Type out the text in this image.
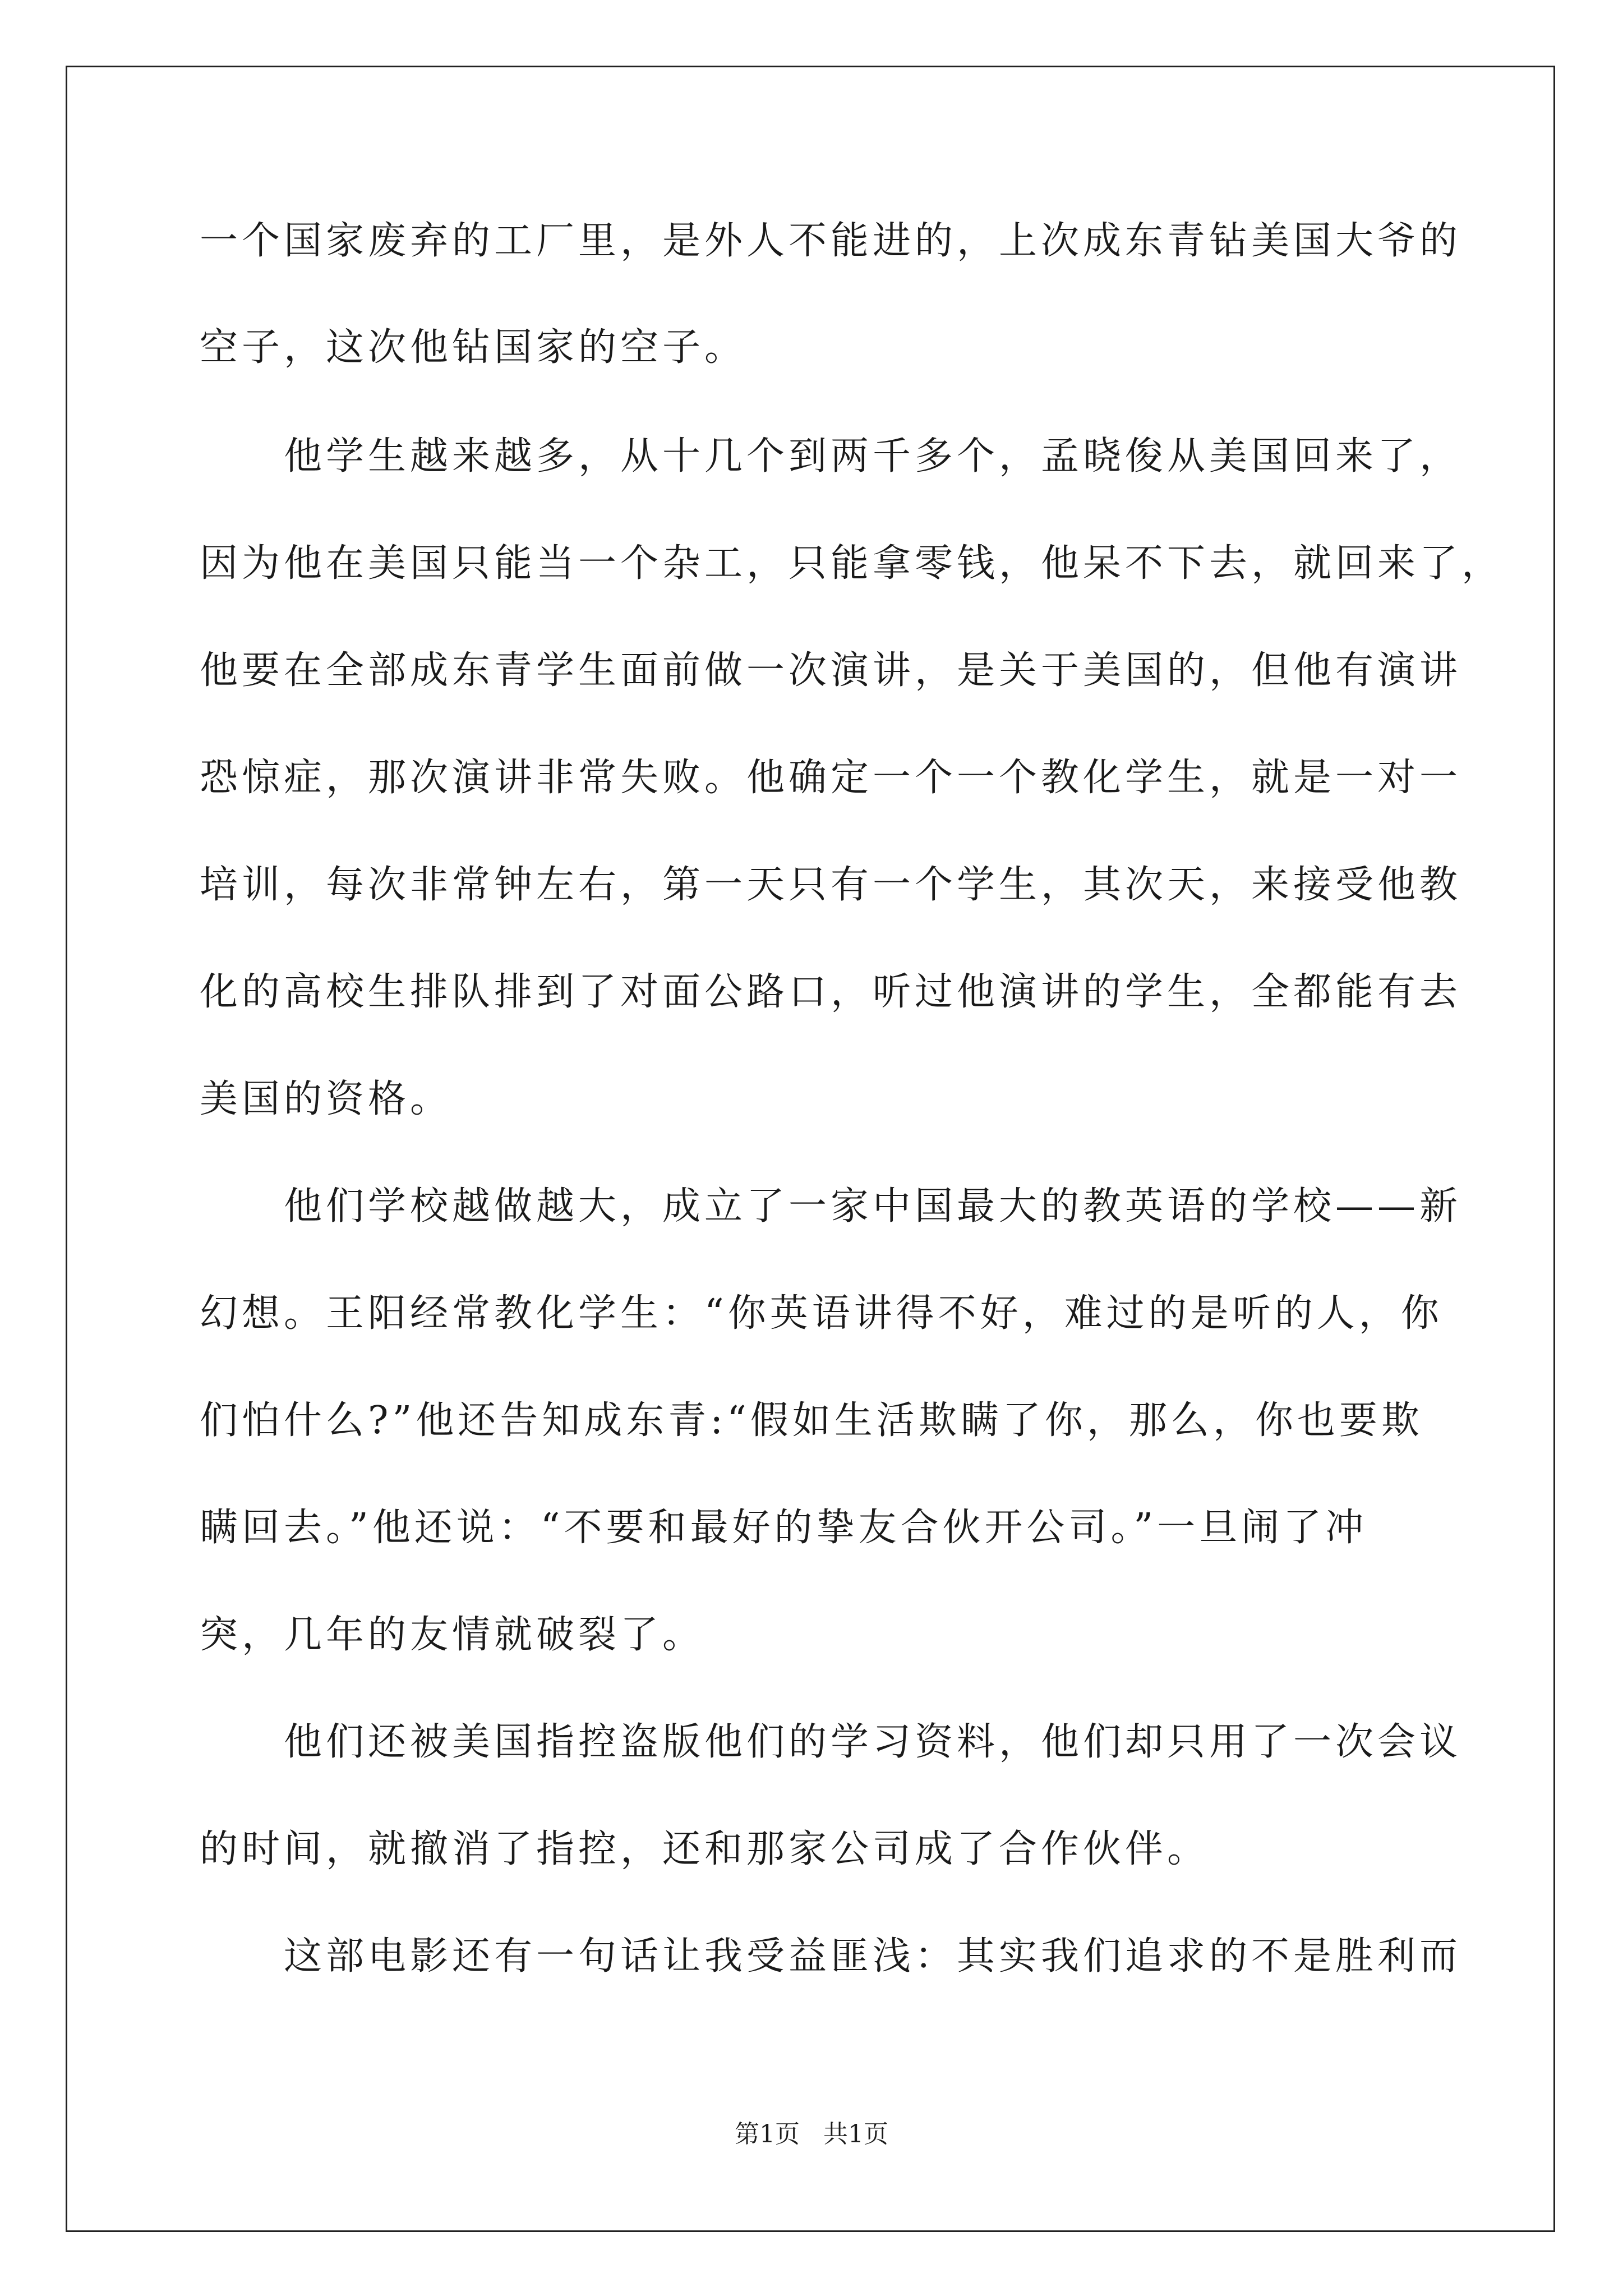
一个国家废弃的工厂里，是外人不能进的，上次成东青钻美国大爷的
空子，这次他钻国家的空子。
　　他学生越来越多，从十几个到两千多个，孟晓俊从美国回来了，
因为他在美国只能当一个杂工，只能拿零钱，他呆不下去，就回来了，
他要在全部成东青学生面前做一次演讲，是关于美国的，但他有演讲
恐惊症，那次演讲非常失败。他确定一个一个教化学生，就是一对一
培训，每次非常钟左右，第一天只有一个学生，其次天，来接受他教
化的高校生排队排到了对面公路口，听过他演讲的学生，全都能有去
美国的资格。
　　他们学校越做越大，成立了一家中国最大的教英语的学校——新
幻想。王阳经常教化学生：“你英语讲得不好，难过的是听的人，你
们怕什么?”他还告知成东青:“假如生活欺瞒了你，那么，你也要欺
瞒回去。”他还说：“不要和最好的挚友合伙开公司。”一旦闹了冲
突，几年的友情就破裂了。
　　他们还被美国指控盗版他们的学习资料，他们却只用了一次会议
的时间，就撤消了指控，还和那家公司成了合作伙伴。
　　这部电影还有一句话让我受益匪浅：其实我们追求的不是胜利而
第1页 共1页
